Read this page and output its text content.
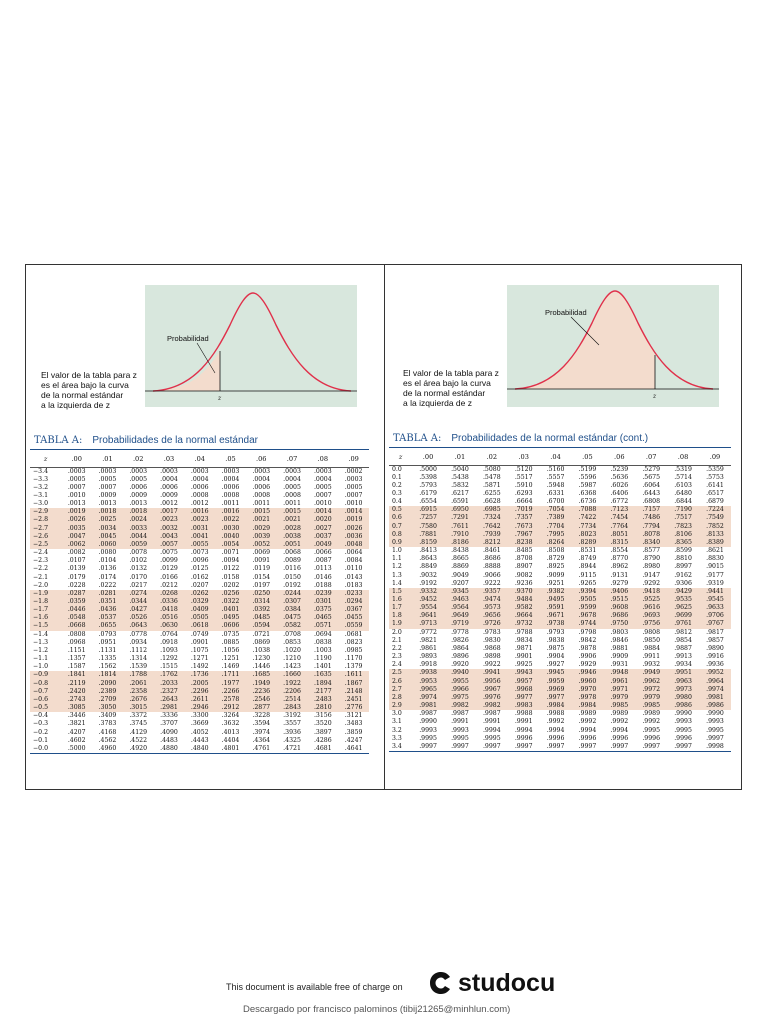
Probabilidad
z
El valor de la tabla para z
es el área bajo la curva
de la normal estándar
a la izquierda de z
TABLA A: Probabilidades de la normal estándar
z	.00	.01	.02	.03	.04	.05	.06	.07	.08	.09
−3.4	.0003	.0003	.0003	.0003	.0003	.0003	.0003	.0003	.0003	.0002
−3.3	.0005	.0005	.0005	.0004	.0004	.0004	.0004	.0004	.0004	.0003
−3.2	.0007	.0007	.0006	.0006	.0006	.0006	.0006	.0005	.0005	.0005
−3.1	.0010	.0009	.0009	.0009	.0008	.0008	.0008	.0008	.0007	.0007
−3.0	.0013	.0013	.0013	.0012	.0012	.0011	.0011	.0011	.0010	.0010
−2.9	.0019	.0018	.0018	.0017	.0016	.0016	.0015	.0015	.0014	.0014
−2.8	.0026	.0025	.0024	.0023	.0023	.0022	.0021	.0021	.0020	.0019
−2.7	.0035	.0034	.0033	.0032	.0031	.0030	.0029	.0028	.0027	.0026
−2.6	.0047	.0045	.0044	.0043	.0041	.0040	.0039	.0038	.0037	.0036
−2.5	.0062	.0060	.0059	.0057	.0055	.0054	.0052	.0051	.0049	.0048
−2.4	.0082	.0080	.0078	.0075	.0073	.0071	.0069	.0068	.0066	.0064
−2.3	.0107	.0104	.0102	.0099	.0096	.0094	.0091	.0089	.0087	.0084
−2.2	.0139	.0136	.0132	.0129	.0125	.0122	.0119	.0116	.0113	.0110
−2.1	.0179	.0174	.0170	.0166	.0162	.0158	.0154	.0150	.0146	.0143
−2.0	.0228	.0222	.0217	.0212	.0207	.0202	.0197	.0192	.0188	.0183
−1.9	.0287	.0281	.0274	.0268	.0262	.0256	.0250	.0244	.0239	.0233
−1.8	.0359	.0351	.0344	.0336	.0329	.0322	.0314	.0307	.0301	.0294
−1.7	.0446	.0436	.0427	.0418	.0409	.0401	.0392	.0384	.0375	.0367
−1.6	.0548	.0537	.0526	.0516	.0505	.0495	.0485	.0475	.0465	.0455
−1.5	.0668	.0655	.0643	.0630	.0618	.0606	.0594	.0582	.0571	.0559
−1.4	.0808	.0793	.0778	.0764	.0749	.0735	.0721	.0708	.0694	.0681
−1.3	.0968	.0951	.0934	.0918	.0901	.0885	.0869	.0853	.0838	.0823
−1.2	.1151	.1131	.1112	.1093	.1075	.1056	.1038	.1020	.1003	.0985
−1.1	.1357	.1335	.1314	.1292	.1271	.1251	.1230	.1210	.1190	.1170
−1.0	.1587	.1562	.1539	.1515	.1492	.1469	.1446	.1423	.1401	.1379
−0.9	.1841	.1814	.1788	.1762	.1736	.1711	.1685	.1660	.1635	.1611
−0.8	.2119	.2090	.2061	.2033	.2005	.1977	.1949	.1922	.1894	.1867
−0.7	.2420	.2389	.2358	.2327	.2296	.2266	.2236	.2206	.2177	.2148
−0.6	.2743	.2709	.2676	.2643	.2611	.2578	.2546	.2514	.2483	.2451
−0.5	.3085	.3050	.3015	.2981	.2946	.2912	.2877	.2843	.2810	.2776
−0.4	.3446	.3409	.3372	.3336	.3300	.3264	.3228	.3192	.3156	.3121
−0.3	.3821	.3783	.3745	.3707	.3669	.3632	.3594	.3557	.3520	.3483
−0.2	.4207	.4168	.4129	.4090	.4052	.4013	.3974	.3936	.3897	.3859
−0.1	.4602	.4562	.4522	.4483	.4443	.4404	.4364	.4325	.4286	.4247
−0.0	.5000	.4960	.4920	.4880	.4840	.4801	.4761	.4721	.4681	.4641
Probabilidad
z
El valor de la tabla para z
es el área bajo la curva
de la normal estándar
a la izquierda de z
TABLA A: Probabilidades de la normal estándar (cont.)
z	.00	.01	.02	.03	.04	.05	.06	.07	.08	.09
0.0	.5000	.5040	.5080	.5120	.5160	.5199	.5239	.5279	.5319	.5359
0.1	.5398	.5438	.5478	.5517	.5557	.5596	.5636	.5675	.5714	.5753
0.2	.5793	.5832	.5871	.5910	.5948	.5987	.6026	.6064	.6103	.6141
0.3	.6179	.6217	.6255	.6293	.6331	.6368	.6406	.6443	.6480	.6517
0.4	.6554	.6591	.6628	.6664	.6700	.6736	.6772	.6808	.6844	.6879
0.5	.6915	.6950	.6985	.7019	.7054	.7088	.7123	.7157	.7190	.7224
0.6	.7257	.7291	.7324	.7357	.7389	.7422	.7454	.7486	.7517	.7549
0.7	.7580	.7611	.7642	.7673	.7704	.7734	.7764	.7794	.7823	.7852
0.8	.7881	.7910	.7939	.7967	.7995	.8023	.8051	.8078	.8106	.8133
0.9	.8159	.8186	.8212	.8238	.8264	.8289	.8315	.8340	.8365	.8389
1.0	.8413	.8438	.8461	.8485	.8508	.8531	.8554	.8577	.8599	.8621
1.1	.8643	.8665	.8686	.8708	.8729	.8749	.8770	.8790	.8810	.8830
1.2	.8849	.8869	.8888	.8907	.8925	.8944	.8962	.8980	.8997	.9015
1.3	.9032	.9049	.9066	.9082	.9099	.9115	.9131	.9147	.9162	.9177
1.4	.9192	.9207	.9222	.9236	.9251	.9265	.9279	.9292	.9306	.9319
1.5	.9332	.9345	.9357	.9370	.9382	.9394	.9406	.9418	.9429	.9441
1.6	.9452	.9463	.9474	.9484	.9495	.9505	.9515	.9525	.9535	.9545
1.7	.9554	.9564	.9573	.9582	.9591	.9599	.9608	.9616	.9625	.9633
1.8	.9641	.9649	.9656	.9664	.9671	.9678	.9686	.9693	.9699	.9706
1.9	.9713	.9719	.9726	.9732	.9738	.9744	.9750	.9756	.9761	.9767
2.0	.9772	.9778	.9783	.9788	.9793	.9798	.9803	.9808	.9812	.9817
2.1	.9821	.9826	.9830	.9834	.9838	.9842	.9846	.9850	.9854	.9857
2.2	.9861	.9864	.9868	.9871	.9875	.9878	.9881	.9884	.9887	.9890
2.3	.9893	.9896	.9898	.9901	.9904	.9906	.9909	.9911	.9913	.9916
2.4	.9918	.9920	.9922	.9925	.9927	.9929	.9931	.9932	.9934	.9936
2.5	.9938	.9940	.9941	.9943	.9945	.9946	.9948	.9949	.9951	.9952
2.6	.9953	.9955	.9956	.9957	.9959	.9960	.9961	.9962	.9963	.9964
2.7	.9965	.9966	.9967	.9968	.9969	.9970	.9971	.9972	.9973	.9974
2.8	.9974	.9975	.9976	.9977	.9977	.9978	.9979	.9979	.9980	.9981
2.9	.9981	.9982	.9982	.9983	.9984	.9984	.9985	.9985	.9986	.9986
3.0	.9987	.9987	.9987	.9988	.9988	.9989	.9989	.9989	.9990	.9990
3.1	.9990	.9991	.9991	.9991	.9992	.9992	.9992	.9992	.9993	.9993
3.2	.9993	.9993	.9994	.9994	.9994	.9994	.9994	.9995	.9995	.9995
3.3	.9995	.9995	.9995	.9996	.9996	.9996	.9996	.9996	.9996	.9997
3.4	.9997	.9997	.9997	.9997	.9997	.9997	.9997	.9997	.9997	.9998
This document is available free of charge on studocu
Descargado por francisco palominos (tibij21265@minhlun.com)
